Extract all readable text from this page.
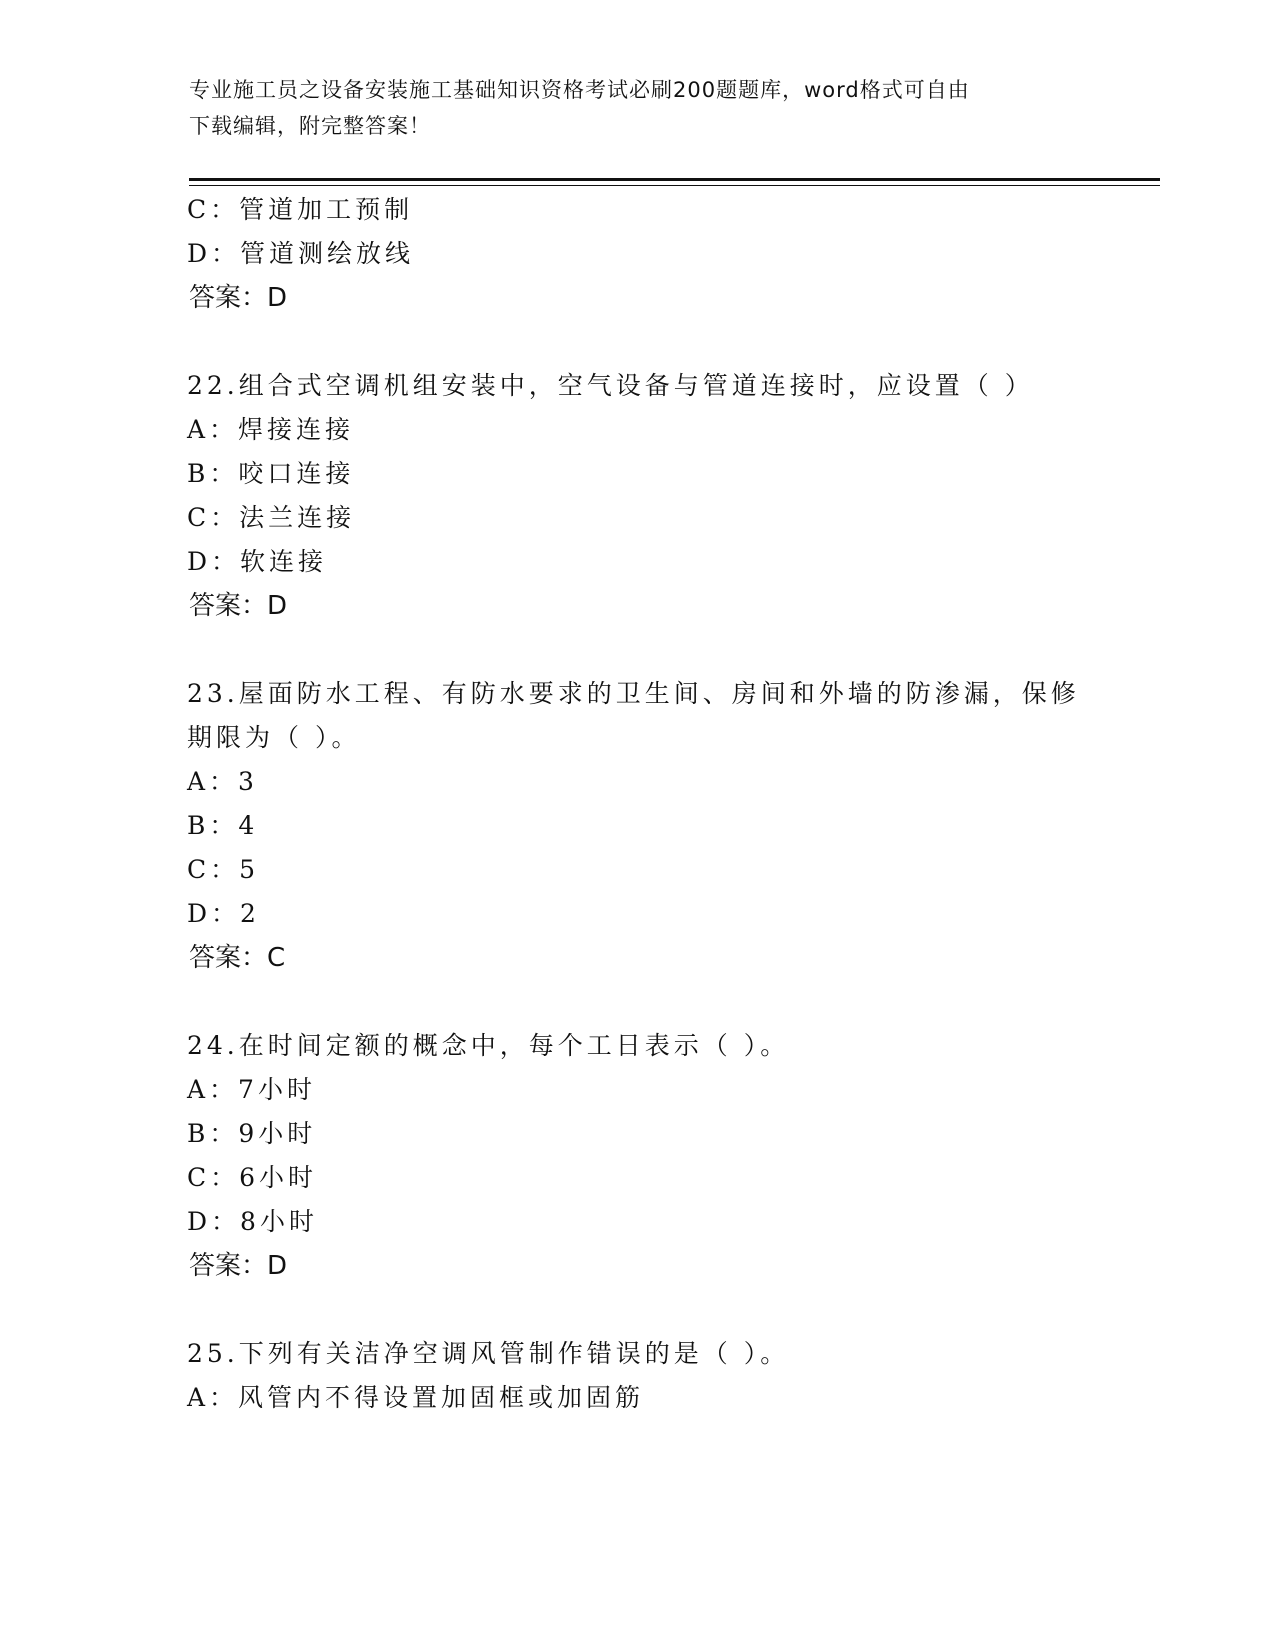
专业施工员之设备安装施工基础知识资格考试必刷200题题库，word格式可自由
下载编辑，附完整答案！
C：管道加工预制
D：管道测绘放线
答案：D
22.组合式空调机组安装中，空气设备与管道连接时，应设置（ ）
A：焊接连接
B：咬口连接
C：法兰连接
D：软连接
答案：D
23.屋面防水工程、有防水要求的卫生间、房间和外墙的防渗漏，保修
期限为（ ）。
A：3
B：4
C：5
D：2
答案：C
24.在时间定额的概念中，每个工日表示（ ）。
A：7小时
B：9小时
C：6小时
D：8小时
答案：D
25.下列有关洁净空调风管制作错误的是（ ）。
A：风管内不得设置加固框或加固筋
